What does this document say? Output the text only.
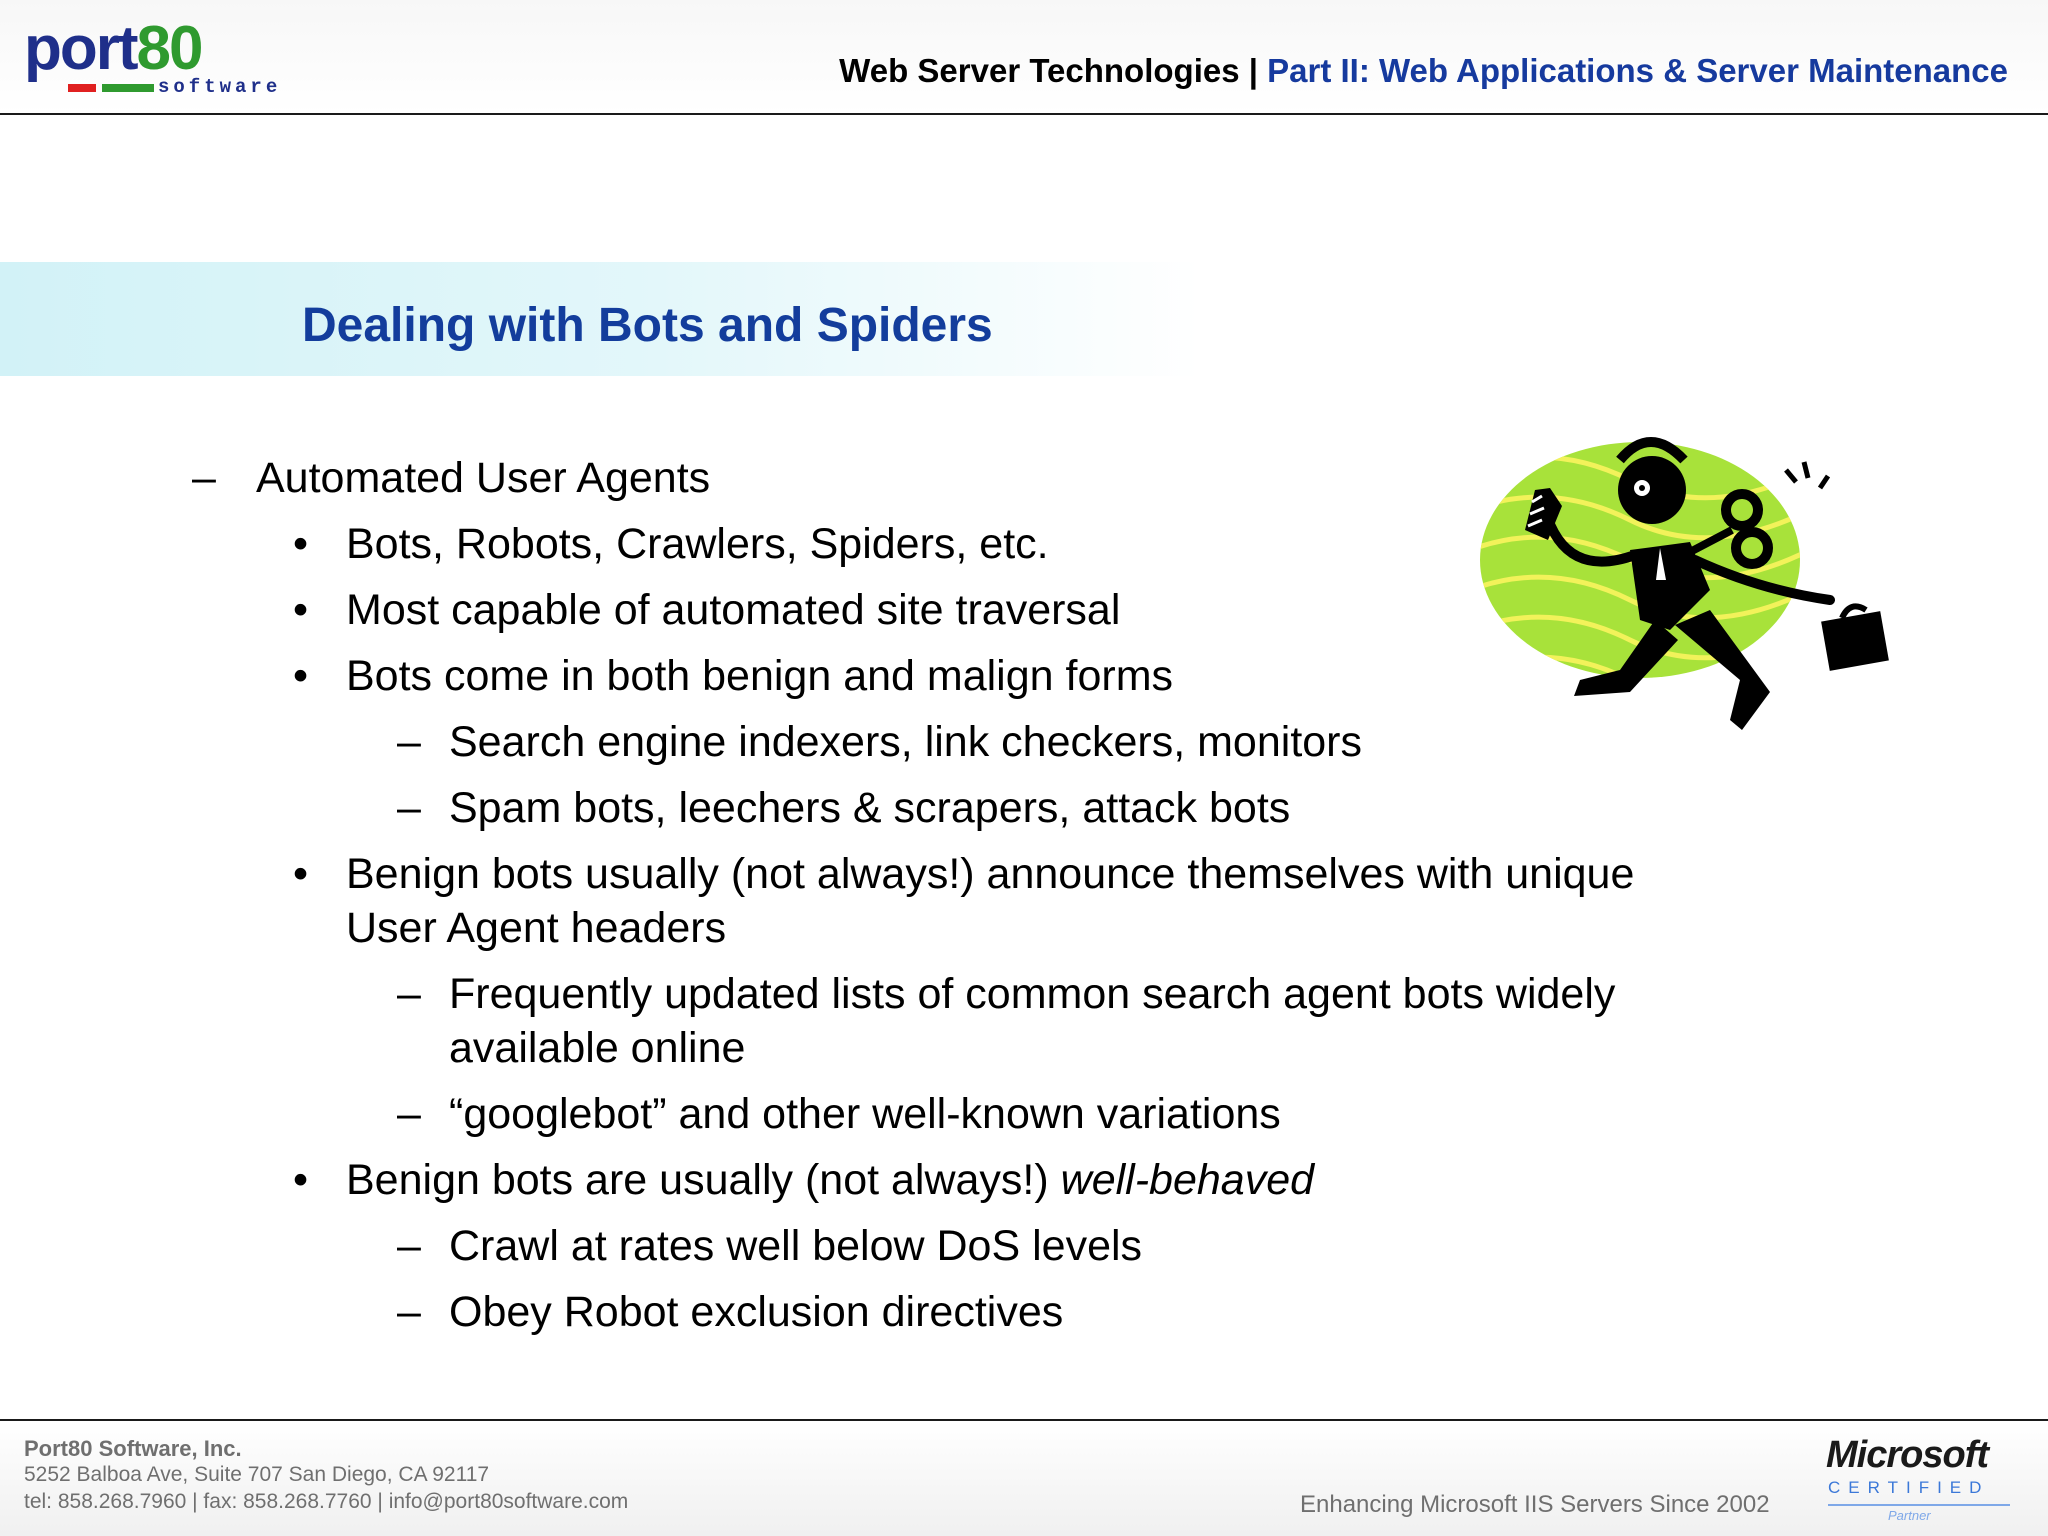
port80
software	Web Server Technologies | Part II: Web Applications & Server Maintenance
Dealing with Bots and Spiders
– Automated User Agents
• Bots, Robots, Crawlers, Spiders, etc.
• Most capable of automated site traversal
• Bots come in both benign and malign forms
– Search engine indexers, link checkers, monitors
– Spam bots, leechers & scrapers, attack bots
• Benign bots usually (not always!) announce themselves with unique
User Agent headers
– Frequently updated lists of common search agent bots widely
available online
– “googlebot” and other well-known variations
• Benign bots are usually (not always!) well-behaved
– Crawl at rates well below DoS levels
– Obey Robot exclusion directives
Port80 Software, Inc.
5252 Balboa Ave, Suite 707 San Diego, CA 92117
tel: 858.268.7960 | fax: 858.268.7760 | info@port80software.com	Enhancing Microsoft IIS Servers Since 2002
Microsoft
CERTIFIED
Partner
